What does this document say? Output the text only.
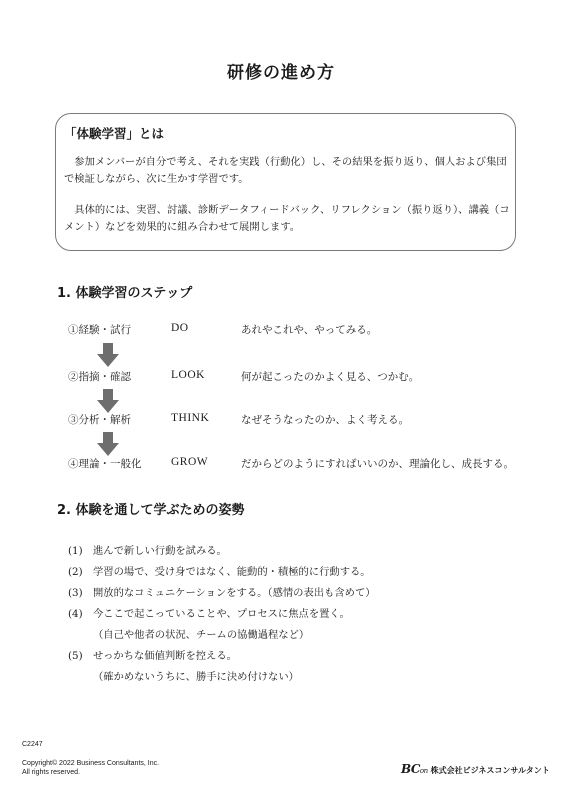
研修の進め方
「体験学習」とは

参加メンバーが自分で考え、それを実践（行動化）し、その結果を振り返り、個人および集団で検証しながら、次に生かす学習です。

具体的には、実習、討議、診断データフィードバック、リフレクション（振り返り）、講義（コメント）などを効果的に組み合わせて展開します。

1. 体験学習のステップ
①経験・試行	DO	あれやこれや、やってみる。
②指摘・確認	LOOK	何が起こったのかよく見る、つかむ。
③分析・解析	THINK	なぜそうなったのか、よく考える。
④理論・一般化	GROW	だからどのようにすればいいのか、理論化し、成長する。
2. 体験を通して学ぶための姿勢
(1) 進んで新しい行動を試みる。
(2) 学習の場で、受け身ではなく、能動的・積極的に行動する。
(3) 開放的なコミュニケーションをする。（感情の表出も含めて）
(4) 今ここで起こっていることや、プロセスに焦点を置く。
（自己や他者の状況、チームの協働過程など）
(5) せっかちな価値判断を控える。
（確かめないうちに、勝手に決め付けない）
C2247
Copyright© 2022 Business Consultants, Inc.
All rights reserved.	BCon 株式会社ビジネスコンサルタント
